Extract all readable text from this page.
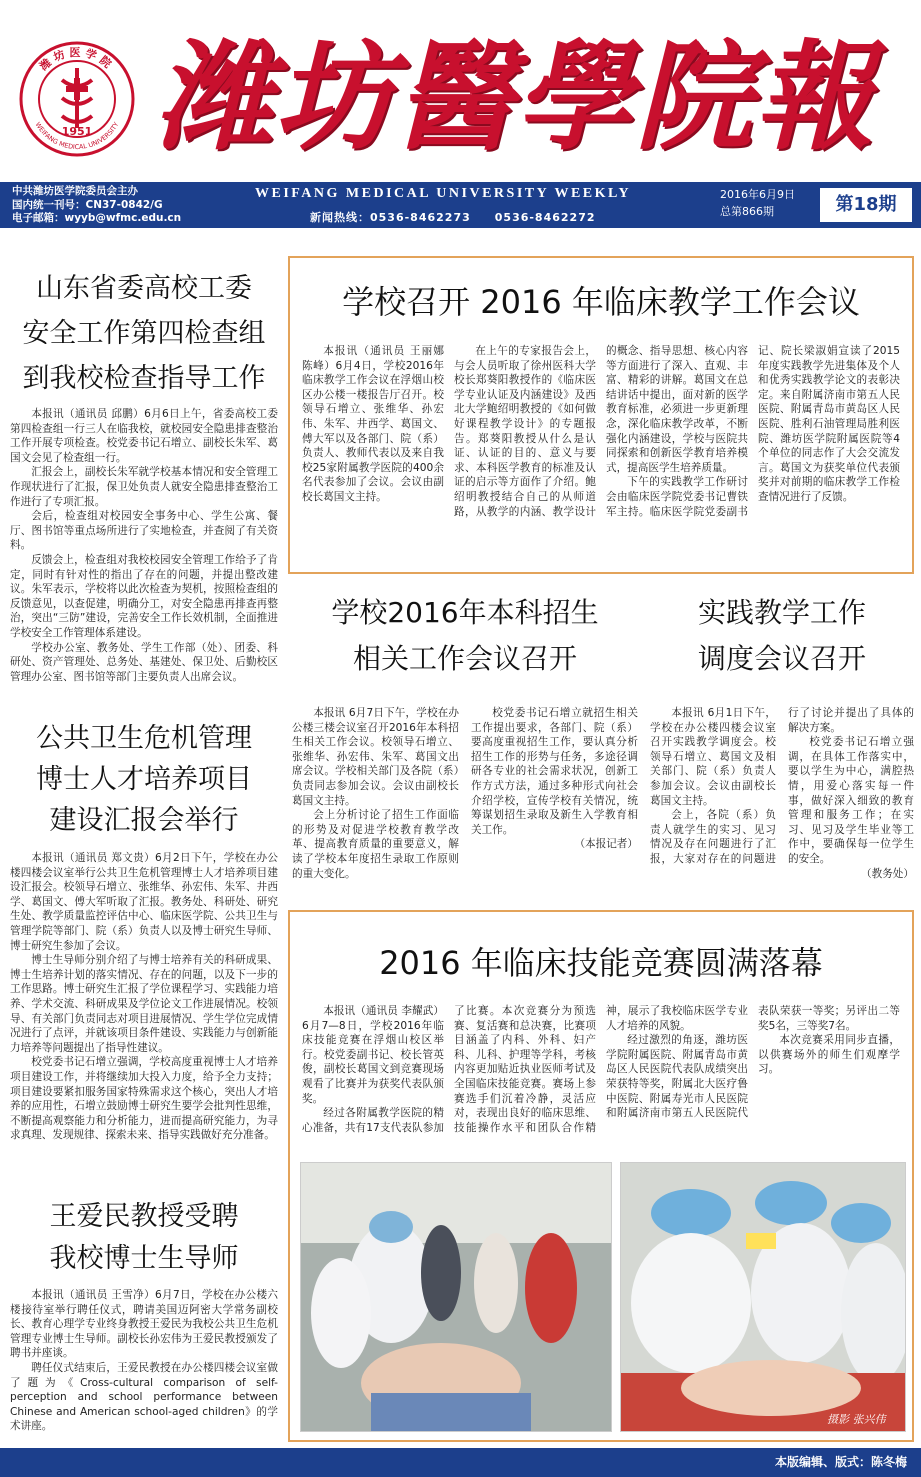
1951
潍坊医学院
WEIFANG MEDICAL UNIVERSITY 潍坊醫學院報
中共潍坊医学院委员会主办
国内统一刊号：CN37-0842/G
电子邮箱：wyyb@wfmc.edu.cn
WEIFANG MEDICAL UNIVERSITY WEEKLY
新闻热线：0536-8462273　　0536-8462272
2016年6月9日
总第866期	第18期
山东省委高校工委
安全工作第四检查组
到我校检查指导工作

本报讯（通讯员 邱鹏）6月6日上午，省委高校工委第四检查组一行三人在临我校，就校园安全隐患排查整治工作开展专项检查。校党委书记石增立、副校长朱军、葛国文会见了检查组一行。

汇报会上，副校长朱军就学校基本情况和安全管理工作现状进行了汇报，保卫处负责人就安全隐患排查整治工作进行了专项汇报。

会后，检查组对校园安全事务中心、学生公寓、餐厅、图书馆等重点场所进行了实地检查，并查阅了有关资料。

反馈会上，检查组对我校校园安全管理工作给予了肯定，同时有针对性的指出了存在的问题，并提出整改建议。朱军表示，学校将以此次检查为契机，按照检查组的反馈意见，以查促建，明确分工，对安全隐患再排查再整治，突出“三防”建设，完善安全工作长效机制，全面推进学校安全工作管理体系建设。

学校办公室、教务处、学生工作部（处）、团委、科研处、资产管理处、总务处、基建处、保卫处、后勤校区管理办公室、图书馆等部门主要负责人出席会议。

公共卫生危机管理
博士人才培养项目
建设汇报会举行

本报讯（通讯员 郑文贵）6月2日下午，学校在办公楼四楼会议室举行公共卫生危机管理博士人才培养项目建设汇报会。校领导石增立、张维华、孙宏伟、朱军、井西学、葛国文、傅大军听取了汇报。教务处、科研处、研究生处、教学质量监控评估中心、临床医学院、公共卫生与管理学院等部门、院（系）负责人以及博士研究生导师、博士研究生参加了会议。

博士生导师分别介绍了与博士培养有关的科研成果、博士生培养计划的落实情况、存在的问题，以及下一步的工作思路。博士研究生汇报了学位课程学习、实践能力培养、学术交流、科研成果及学位论文工作进展情况。校领导、有关部门负责同志对项目进展情况、学生学位完成情况进行了点评，并就该项目条件建设、实践能力与创新能力培养等问题提出了指导性建议。

校党委书记石增立强调，学校高度重视博士人才培养项目建设工作，并将继续加大投入力度，给予全力支持；项目建设要紧扣服务国家特殊需求这个核心，突出人才培养的应用性，石增立鼓励博士研究生要学会批判性思维，不断提高观察能力和分析能力，进而提高研究能力，为寻求真理、发现规律、探索未来、指导实践做好充分准备。

王爱民教授受聘
我校博士生导师

本报讯（通讯员 王雪净）6月7日，学校在办公楼六楼接待室举行聘任仪式，聘请美国迈阿密大学常务副校长、教育心理学专业终身教授王爱民为我校公共卫生危机管理专业博士生导师。副校长孙宏伟为王爱民教授颁发了聘书并座谈。

聘任仪式结束后，王爱民教授在办公楼四楼会议室做了题为《Cross-cultural comparison of self-perception and school performance between Chinese and American school-aged children》的学术讲座。

学校召开 2016 年临床教学工作会议

本报讯（通讯员 王丽娜 陈峰）6月4日，学校2016年临床教学工作会议在浮烟山校区办公楼一楼报告厅召开。校领导石增立、张维华、孙宏伟、朱军、井西学、葛国文、傅大军以及各部门、院（系）负责人、教师代表以及来自我校25家附属教学医院的400余名代表参加了会议。会议由副校长葛国文主持。

在上午的专家报告会上，与会人员听取了徐州医科大学校长郑葵阳教授作的《临床医学专业认证及内涵建设》及西北大学鲍绍明教授的《如何做好课程教学设计》的专题报告。郑葵阳教授从什么是认证、认证的目的、意义与要求、本科医学教育的标准及认证的启示等方面作了介绍。鲍绍明教授结合自己的从师道路，从教学的内涵、教学设计的概念、指导思想、核心内容等方面进行了深入、直观、丰富、精彩的讲解。葛国文在总结讲话中提出，面对新的医学教育标准，必须进一步更新理念，深化临床教学改革，不断强化内涵建设，学校与医院共同探索和创新医学教育培养模式，提高医学生培养质量。

下午的实践教学工作研讨会由临床医学院党委书记曹铁军主持。临床医学院党委副书记、院长梁淑娟宣读了2015年度实践教学先进集体及个人和优秀实践教学论文的表彰决定。来自附属济南市第五人民医院、附属青岛市黄岛区人民医院、胜利石油管理局胜利医院、潍坊医学院附属医院等4个单位的同志作了大会交流发言。葛国文为获奖单位代表颁奖并对前期的临床教学工作检查情况进行了反馈。

学校2016年本科招生
相关工作会议召开

本报讯 6月7日下午，学校在办公楼三楼会议室召开2016年本科招生相关工作会议。校领导石增立、张维华、孙宏伟、朱军、葛国文出席会议。学校相关部门及各院（系）负责同志参加会议。会议由副校长葛国文主持。

会上分析讨论了招生工作面临的形势及对促进学校教育教学改革、提高教育质量的重要意义，解读了学校本年度招生录取工作原则的重大变化。

校党委书记石增立就招生相关工作提出要求，各部门、院（系）要高度重视招生工作，要认真分析招生工作的形势与任务，多途径调研各专业的社会需求状况，创新工作方式方法，通过多种形式向社会介绍学校，宣传学校有关情况，统筹谋划招生录取及新生入学教育相关工作。

（本报记者）

实践教学工作
调度会议召开

本报讯 6月1日下午，学校在办公楼四楼会议室召开实践教学调度会。校领导石增立、葛国文及相关部门、院（系）负责人参加会议。会议由副校长葛国文主持。

会上，各院（系）负责人就学生的实习、见习情况及存在问题进行了汇报，大家对存在的问题进行了讨论并提出了具体的解决方案。

校党委书记石增立强调，在具体工作落实中，要以学生为中心，满腔热情，用爱心落实每一件事，做好深入细致的教育管理和服务工作；在实习、见习及学生毕业等工作中，要确保每一位学生的安全。

（教务处）

2016 年临床技能竞赛圆满落幕

本报讯（通讯员 李耀武）6月7—8日，学校2016年临床技能竞赛在浮烟山校区举行。校党委副书记、校长管英俊，副校长葛国文到竞赛现场观看了比赛并为获奖代表队颁奖。

经过各附属教学医院的精心准备，共有17支代表队参加了比赛。本次竞赛分为预选赛、复活赛和总决赛，比赛项目涵盖了内科、外科、妇产科、儿科、护理等学科，考核内容更加贴近执业医师考试及全国临床技能竞赛。赛场上参赛选手们沉着冷静，灵活应对，表现出良好的临床思维、技能操作水平和团队合作精神，展示了我校临床医学专业人才培养的风貌。

经过激烈的角逐，潍坊医学院附属医院、附属青岛市黄岛区人民医院代表队成绩突出荣获特等奖，附属北大医疗鲁中医院、附属寿光市人民医院和附属济南市第五人民医院代表队荣获一等奖；另评出二等奖5名，三等奖7名。

本次竞赛采用同步直播，以供赛场外的师生们观摩学习。

摄影 张兴伟
本版编辑、版式：陈冬梅
